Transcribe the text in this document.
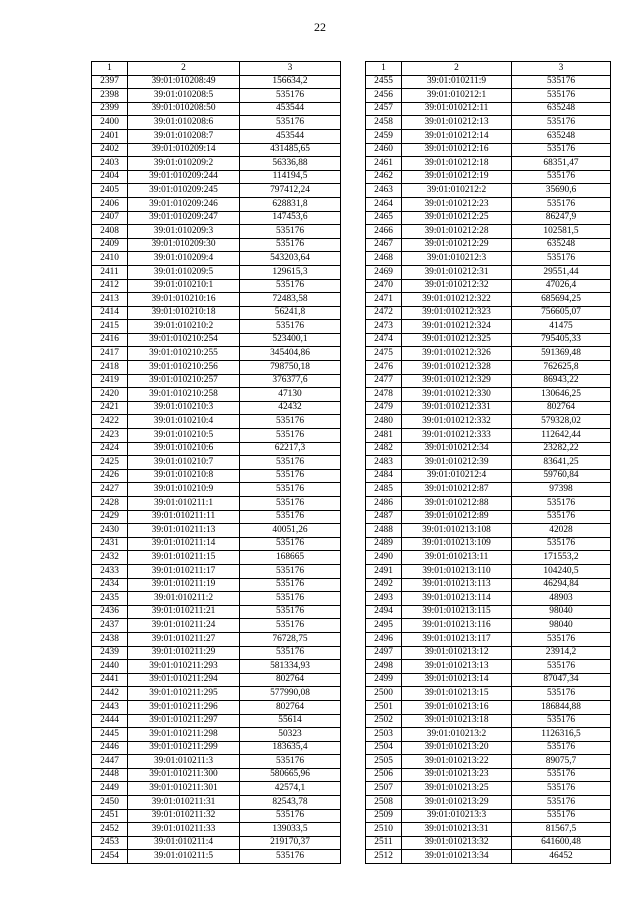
22
1	2	3
2397	39:01:010208:49	156634,2
2398	39:01:010208:5	535176
2399	39:01:010208:50	453544
2400	39:01:010208:6	535176
2401	39:01:010208:7	453544
2402	39:01:010209:14	431485,65
2403	39:01:010209:2	56336,88
2404	39:01:010209:244	114194,5
2405	39:01:010209:245	797412,24
2406	39:01:010209:246	628831,8
2407	39:01:010209:247	147453,6
2408	39:01:010209:3	535176
2409	39:01:010209:30	535176
2410	39:01:010209:4	543203,64
2411	39:01:010209:5	129615,3
2412	39:01:010210:1	535176
2413	39:01:010210:16	72483,58
2414	39:01:010210:18	56241,8
2415	39:01:010210:2	535176
2416	39:01:010210:254	523400,1
2417	39:01:010210:255	345404,86
2418	39:01:010210:256	798750,18
2419	39:01:010210:257	376377,6
2420	39:01:010210:258	47130
2421	39:01:010210:3	42432
2422	39:01:010210:4	535176
2423	39:01:010210:5	535176
2424	39:01:010210:6	62217,3
2425	39:01:010210:7	535176
2426	39:01:010210:8	535176
2427	39:01:010210:9	535176
2428	39:01:010211:1	535176
2429	39:01:010211:11	535176
2430	39:01:010211:13	40051,26
2431	39:01:010211:14	535176
2432	39:01:010211:15	168665
2433	39:01:010211:17	535176
2434	39:01:010211:19	535176
2435	39:01:010211:2	535176
2436	39:01:010211:21	535176
2437	39:01:010211:24	535176
2438	39:01:010211:27	76728,75
2439	39:01:010211:29	535176
2440	39:01:010211:293	581334,93
2441	39:01:010211:294	802764
2442	39:01:010211:295	577990,08
2443	39:01:010211:296	802764
2444	39:01:010211:297	55614
2445	39:01:010211:298	50323
2446	39:01:010211:299	183635,4
2447	39:01:010211:3	535176
2448	39:01:010211:300	580665,96
2449	39:01:010211:301	42574,1
2450	39:01:010211:31	82543,78
2451	39:01:010211:32	535176
2452	39:01:010211:33	139033,5
2453	39:01:010211:4	219170,37
2454	39:01:010211:5	535176
1	2	3
2455	39:01:010211:9	535176
2456	39:01:010212:1	535176
2457	39:01:010212:11	635248
2458	39:01:010212:13	535176
2459	39:01:010212:14	635248
2460	39:01:010212:16	535176
2461	39:01:010212:18	68351,47
2462	39:01:010212:19	535176
2463	39:01:010212:2	35690,6
2464	39:01:010212:23	535176
2465	39:01:010212:25	86247,9
2466	39:01:010212:28	102581,5
2467	39:01:010212:29	635248
2468	39:01:010212:3	535176
2469	39:01:010212:31	29551,44
2470	39:01:010212:32	47026,4
2471	39:01:010212:322	685694,25
2472	39:01:010212:323	756605,07
2473	39:01:010212:324	41475
2474	39:01:010212:325	795405,33
2475	39:01:010212:326	591369,48
2476	39:01:010212:328	762625,8
2477	39:01:010212:329	86943,22
2478	39:01:010212:330	130646,25
2479	39:01:010212:331	802764
2480	39:01:010212:332	579328,02
2481	39:01:010212:333	112642,44
2482	39:01:010212:34	23282,22
2483	39:01:010212:39	83641,25
2484	39:01:010212:4	59760,84
2485	39:01:010212:87	97398
2486	39:01:010212:88	535176
2487	39:01:010212:89	535176
2488	39:01:010213:108	42028
2489	39:01:010213:109	535176
2490	39:01:010213:11	171553,2
2491	39:01:010213:110	104240,5
2492	39:01:010213:113	46294,84
2493	39:01:010213:114	48903
2494	39:01:010213:115	98040
2495	39:01:010213:116	98040
2496	39:01:010213:117	535176
2497	39:01:010213:12	23914,2
2498	39:01:010213:13	535176
2499	39:01:010213:14	87047,34
2500	39:01:010213:15	535176
2501	39:01:010213:16	186844,88
2502	39:01:010213:18	535176
2503	39:01:010213:2	1126316,5
2504	39:01:010213:20	535176
2505	39:01:010213:22	89075,7
2506	39:01:010213:23	535176
2507	39:01:010213:25	535176
2508	39:01:010213:29	535176
2509	39:01:010213:3	535176
2510	39:01:010213:31	81567,5
2511	39:01:010213:32	641600,48
2512	39:01:010213:34	46452
